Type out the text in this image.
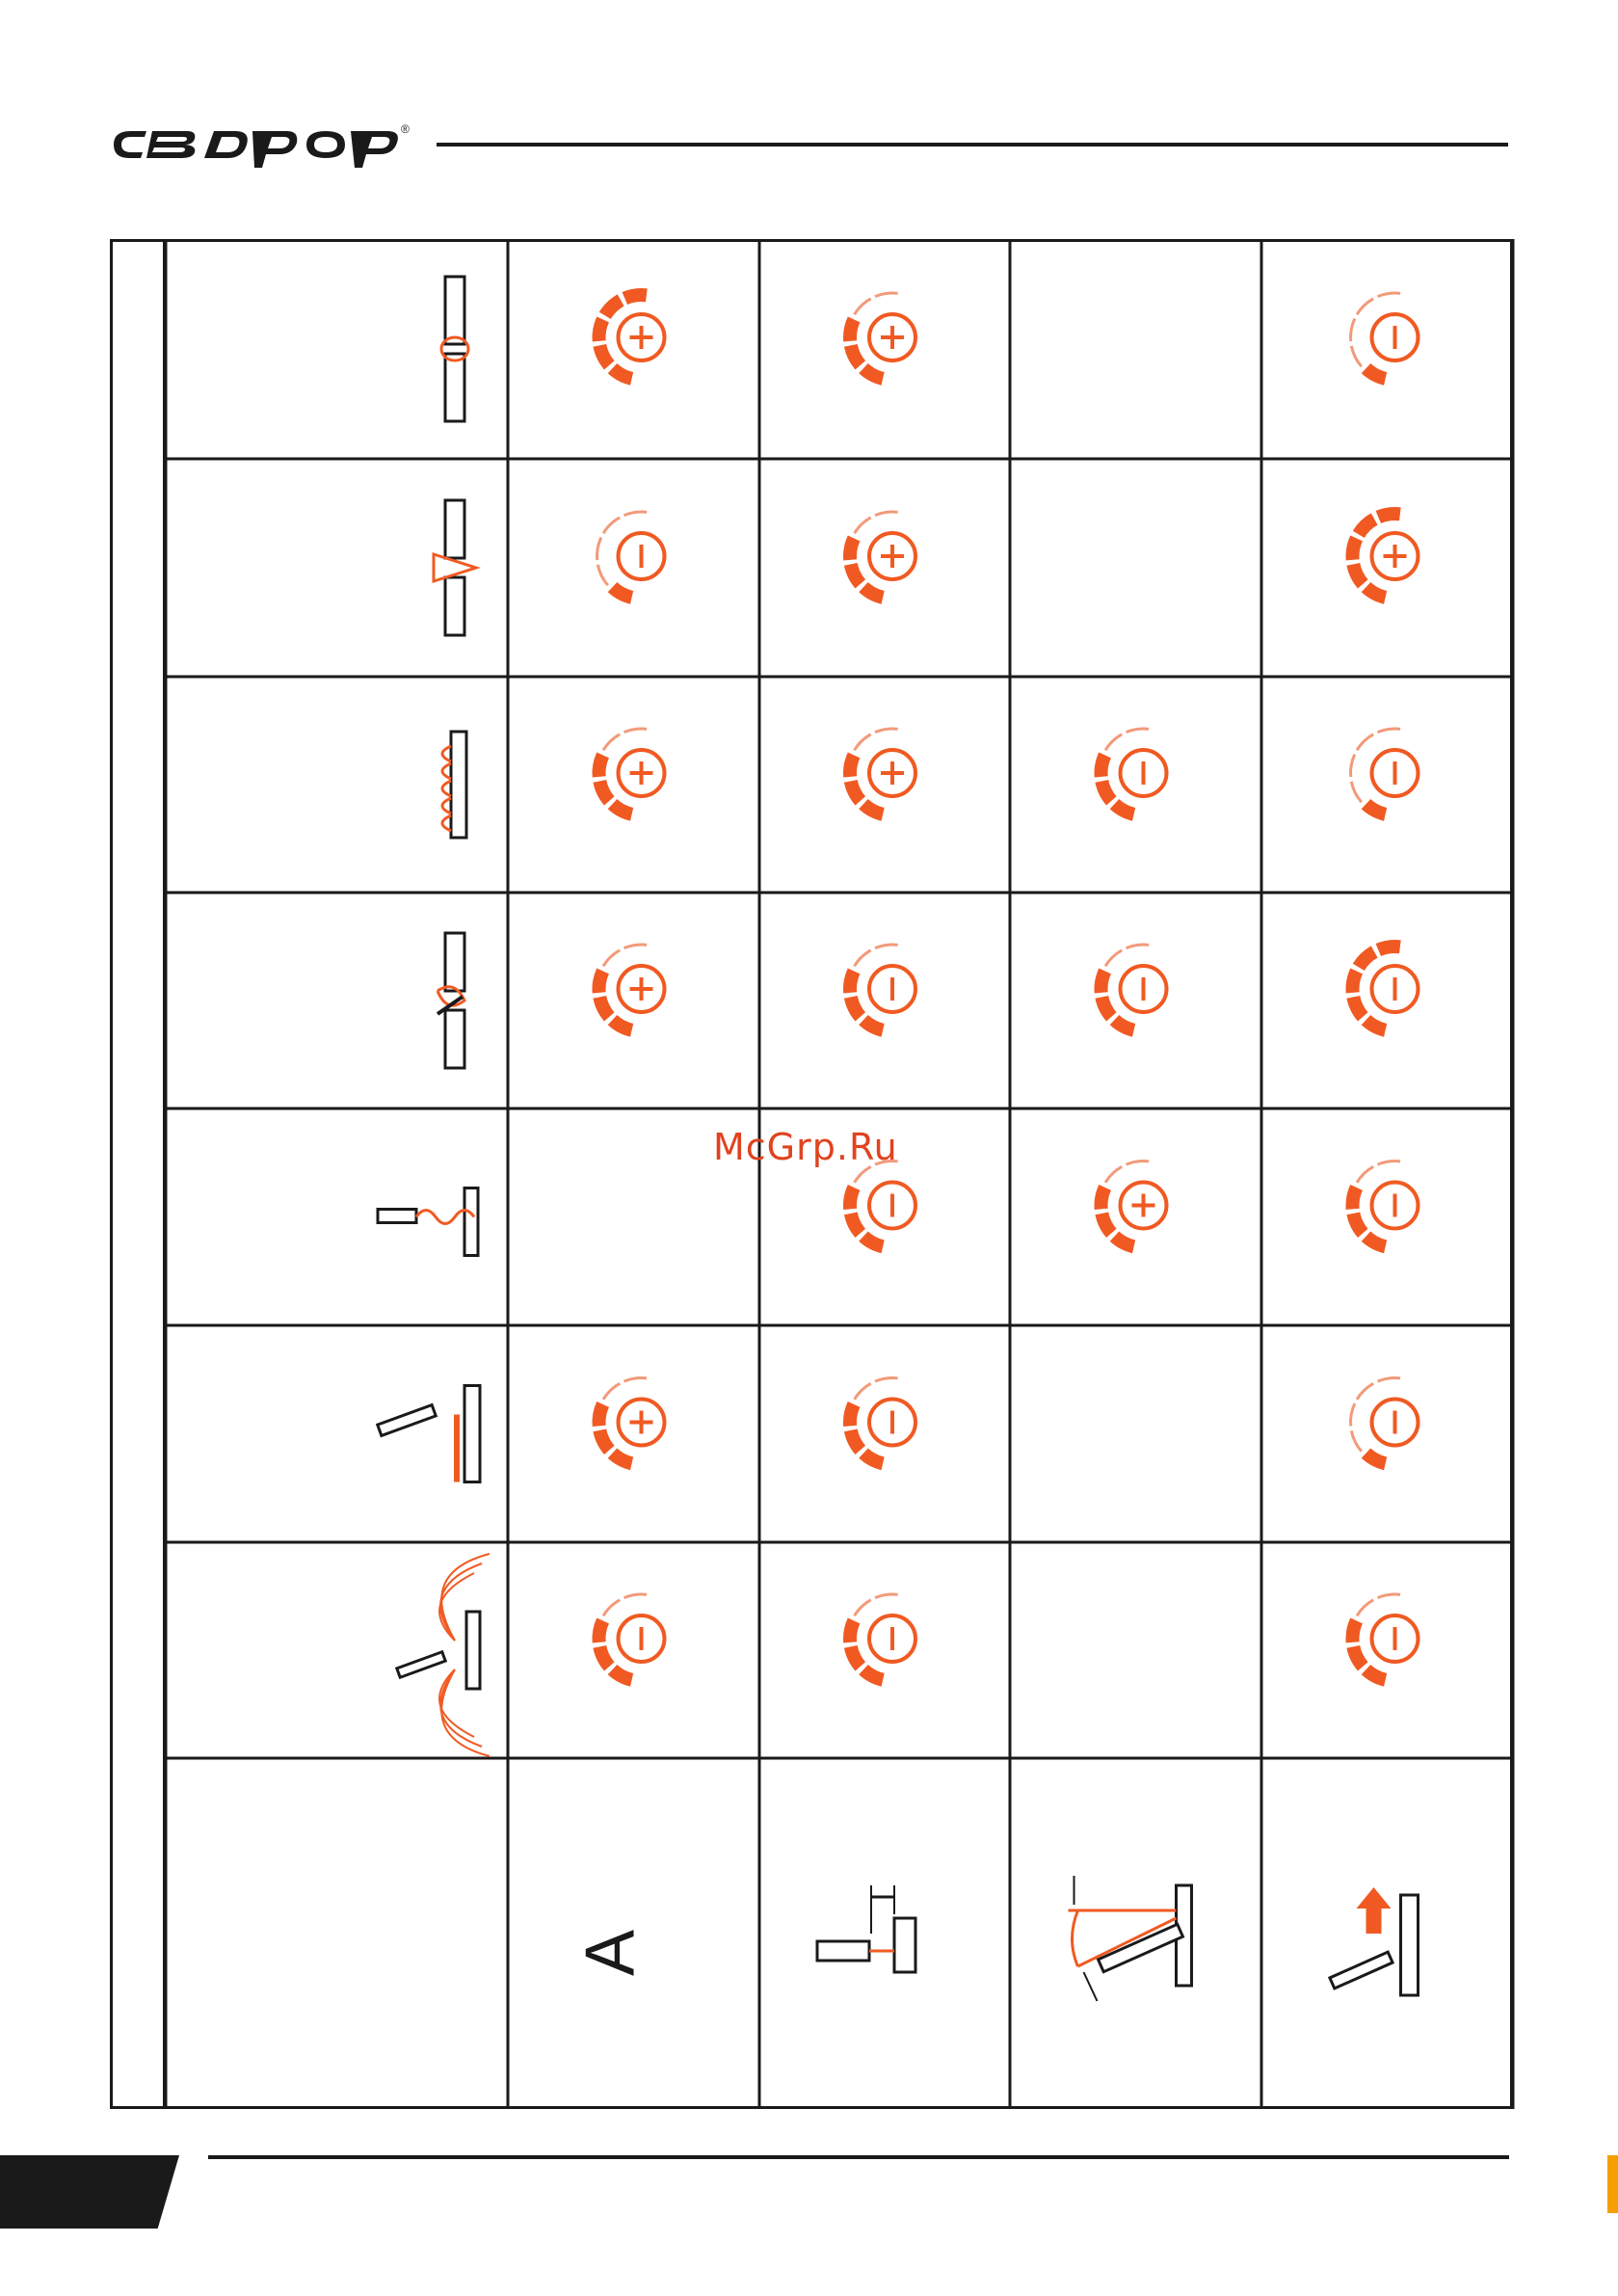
®
A
McGrp.Ru
